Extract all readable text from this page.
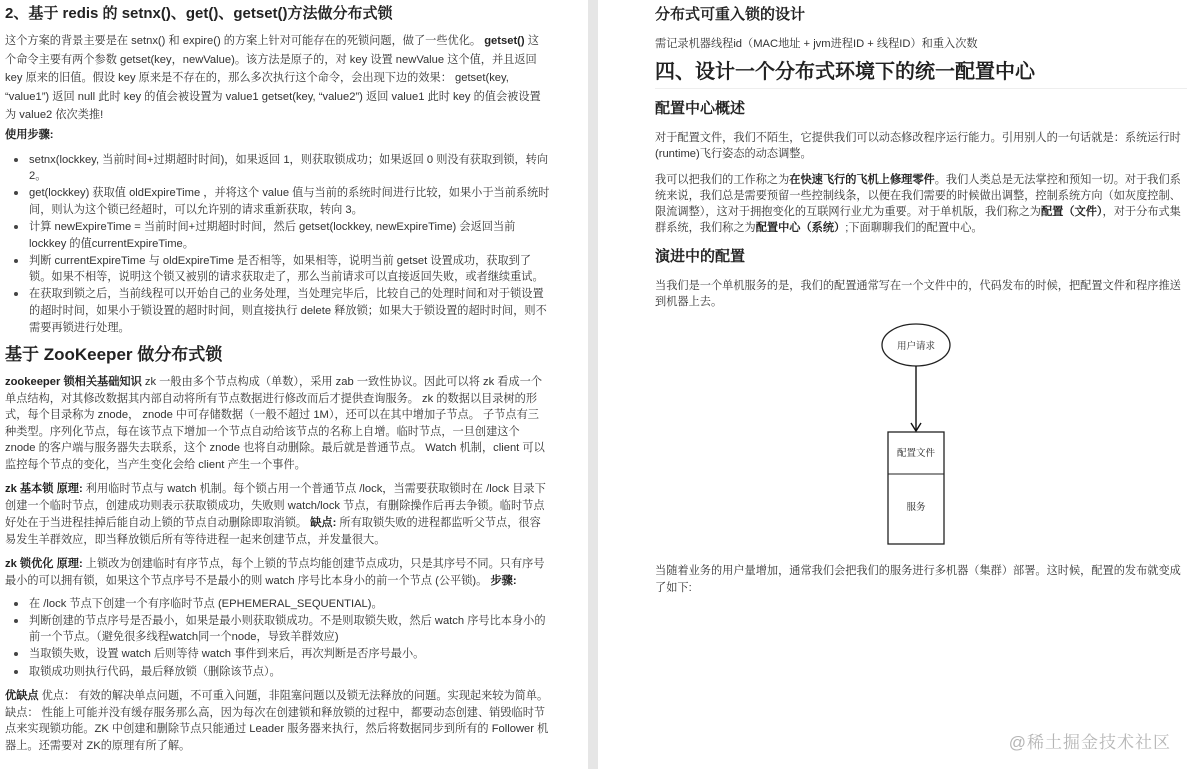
2、基于 redis 的 setnx()、get()、getset()方法做分布式锁

这个方案的背景主要是在 setnx() 和 expire() 的方案上针对可能存在的死锁问题，做了一些优化。 getset() 这个命令主要有两个参数 getset(key，newValue)。该方法是原子的，对 key 设置 newValue 这个值，并且返回 key 原来的旧值。假设 key 原来是不存在的，那么多次执行这个命令，会出现下边的效果： getset(key, “value1”) 返回 null 此时 key 的值会被设置为 value1 getset(key, “value2”) 返回 value1 此时 key 的值会被设置为 value2 依次类推!

使用步骤:

setnx(lockkey, 当前时间+过期超时时间)，如果返回 1，则获取锁成功；如果返回 0 则没有获取到锁，转向 2。
get(lockkey) 获取值 oldExpireTime ，并将这个 value 值与当前的系统时间进行比较，如果小于当前系统时间，则认为这个锁已经超时，可以允许别的请求重新获取，转向 3。
计算 newExpireTime = 当前时间+过期超时时间，然后 getset(lockkey, newExpireTime) 会返回当前 lockkey 的值currentExpireTime。
判断 currentExpireTime 与 oldExpireTime 是否相等，如果相等，说明当前 getset 设置成功，获取到了锁。如果不相等，说明这个锁又被别的请求获取走了，那么当前请求可以直接返回失败，或者继续重试。
在获取到锁之后，当前线程可以开始自己的业务处理，当处理完毕后，比较自己的处理时间和对于锁设置的超时时间，如果小于锁设置的超时时间，则直接执行 delete 释放锁；如果大于锁设置的超时时间，则不需要再锁进行处理。
基于 ZooKeeper 做分布式锁

zookeeper 锁相关基础知识 zk 一般由多个节点构成（单数），采用 zab 一致性协议。因此可以将 zk 看成一个单点结构，对其修改数据其内部自动将所有节点数据进行修改而后才提供查询服务。 zk 的数据以目录树的形式，每个目录称为 znode， znode 中可存储数据（一般不超过 1M），还可以在其中增加子节点。 子节点有三种类型。序列化节点，每在该节点下增加一个节点自动给该节点的名称上自增。临时节点，一旦创建这个 znode 的客户端与服务器失去联系，这个 znode 也将自动删除。最后就是普通节点。 Watch 机制，client 可以监控每个节点的变化，当产生变化会给 client 产生一个事件。

zk 基本锁 原理: 利用临时节点与 watch 机制。每个锁占用一个普通节点 /lock，当需要获取锁时在 /lock 目录下创建一个临时节点，创建成功则表示获取锁成功，失败则 watch/lock 节点，有删除操作后再去争锁。临时节点好处在于当进程挂掉后能自动上锁的节点自动删除即取消锁。 缺点: 所有取锁失败的进程都监听父节点，很容易发生羊群效应，即当释放锁后所有等待进程一起来创建节点，并发量很大。

zk 锁优化 原理: 上锁改为创建临时有序节点，每个上锁的节点均能创建节点成功，只是其序号不同。只有序号最小的可以拥有锁，如果这个节点序号不是最小的则 watch 序号比本身小的前一个节点 (公平锁)。 步骤:

在 /lock 节点下创建一个有序临时节点 (EPHEMERAL_SEQUENTIAL)。
判断创建的节点序号是否最小，如果是最小则获取锁成功。不是则取锁失败，然后 watch 序号比本身小的前一个节点。（避免很多线程watch同一个node，导致羊群效应)
当取锁失败，设置 watch 后则等待 watch 事件到来后，再次判断是否序号最小。
取锁成功则执行代码，最后释放锁（删除该节点）。

优缺点 优点： 有效的解决单点问题，不可重入问题，非阻塞问题以及锁无法释放的问题。实现起来较为简单。 缺点： 性能上可能并没有缓存服务那么高，因为每次在创建锁和释放锁的过程中，都要动态创建、销毁临时节点来实现锁功能。ZK 中创建和删除节点只能通过 Leader 服务器来执行，然后将数据同步到所有的 Follower 机器上。还需要对 ZK的原理有所了解。

分布式可重入锁的设计

需记录机器线程id（MAC地址 + jvm进程ID + 线程ID）和重入次数

四、设计一个分布式环境下的统一配置中心
配置中心概述

对于配置文件，我们不陌生，它提供我们可以动态修改程序运行能力。引用别人的一句话就是：系统运行时(runtime)飞行姿态的动态调整。

我可以把我们的工作称之为在快速飞行的飞机上修理零件。我们人类总是无法掌控和预知一切。对于我们系统来说，我们总是需要预留一些控制线条，以便在我们需要的时候做出调整，控制系统方向（如灰度控制、限流调整），这对于拥抱变化的互联网行业尤为重要。对于单机版，我们称之为配置（文件），对于分布式集群系统，我们称之为配置中心（系统）;下面聊聊我们的配置中心。

演进中的配置

当我们是一个单机服务的是，我们的配置通常写在一个文件中的，代码发布的时候，把配置文件和程序推送到机器上去。

用户请求
配置文件
服务

当随着业务的用户量增加，通常我们会把我们的服务进行多机器（集群）部署。这时候，配置的发布就变成了如下:

@稀土掘金技术社区
